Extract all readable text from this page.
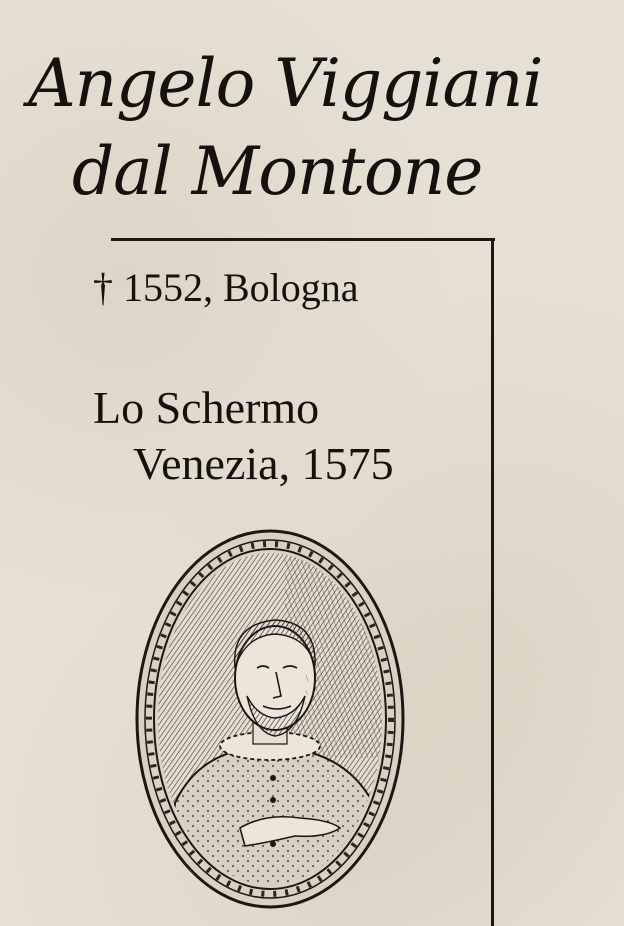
Angelo Viggiani
dal Montone
† 1552, Bologna
Lo Schermo
Venezia, 1575
